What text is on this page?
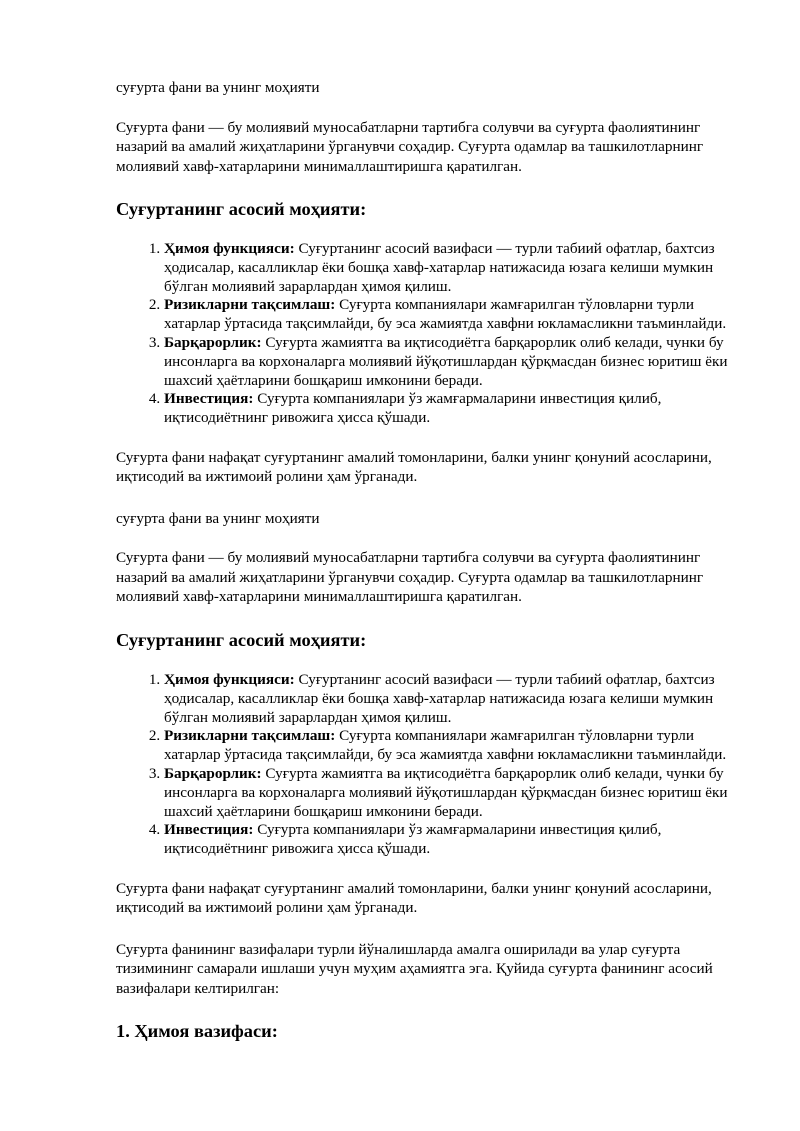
суғурта фани ва унинг моҳияти

Суғурта фани — бу молиявий муносабатларни тартибга солувчи ва суғурта фаолиятининг назарий ва амалий жиҳатларини ўрганувчи соҳадир. Суғурта одамлар ва ташкилотларнинг молиявий хавф-хатарларини минималлаштиришга қаратилган.

Суғуртанинг асосий моҳияти:
1. Ҳимоя функцияси: Суғуртанинг асосий вазифаси — турли табиий офатлар, бахтсиз ҳодисалар, касалликлар ёки бошқа хавф-хатарлар натижасида юзага келиши мумкин бўлган молиявий зарарлардан ҳимоя қилиш.
2. Ризикларни тақсимлаш: Суғурта компаниялари жамғарилган тўловларни турли хатарлар ўртасида тақсимлайди, бу эса жамиятда хавфни юкламасликни таъминлайди.
3. Барқарорлик: Суғурта жамиятга ва иқтисодиётга барқарорлик олиб келади, чунки бу инсонларга ва корхоналарга молиявий йўқотишлардан қўрқмасдан бизнес юритиш ёки шахсий ҳаётларини бошқариш имконини беради.
4. Инвестиция: Суғурта компаниялари ўз жамғармаларини инвестиция қилиб, иқтисодиётнинг ривожига ҳисса қўшади.

Суғурта фани нафақат суғуртанинг амалий томонларини, балки унинг қонуний асосларини, иқтисодий ва ижтимоий ролини ҳам ўрганади.

суғурта фани ва унинг моҳияти

Суғурта фани — бу молиявий муносабатларни тартибга солувчи ва суғурта фаолиятининг назарий ва амалий жиҳатларини ўрганувчи соҳадир. Суғурта одамлар ва ташкилотларнинг молиявий хавф-хатарларини минималлаштиришга қаратилган.

Суғуртанинг асосий моҳияти:
1. Ҳимоя функцияси: Суғуртанинг асосий вазифаси — турли табиий офатлар, бахтсиз ҳодисалар, касалликлар ёки бошқа хавф-хатарлар натижасида юзага келиши мумкин бўлган молиявий зарарлардан ҳимоя қилиш.
2. Ризикларни тақсимлаш: Суғурта компаниялари жамғарилган тўловларни турли хатарлар ўртасида тақсимлайди, бу эса жамиятда хавфни юкламасликни таъминлайди.
3. Барқарорлик: Суғурта жамиятга ва иқтисодиётга барқарорлик олиб келади, чунки бу инсонларга ва корхоналарга молиявий йўқотишлардан қўрқмасдан бизнес юритиш ёки шахсий ҳаётларини бошқариш имконини беради.
4. Инвестиция: Суғурта компаниялари ўз жамғармаларини инвестиция қилиб, иқтисодиётнинг ривожига ҳисса қўшади.

Суғурта фани нафақат суғуртанинг амалий томонларини, балки унинг қонуний асосларини, иқтисодий ва ижтимоий ролини ҳам ўрганади.

Суғурта фанининг вазифалари турли йўналишларда амалга оширилади ва улар суғурта тизимининг самарали ишлаши учун муҳим аҳамиятга эга. Қуйида суғурта фанининг асосий вазифалари келтирилган:

1. Ҳимоя вазифаси:
